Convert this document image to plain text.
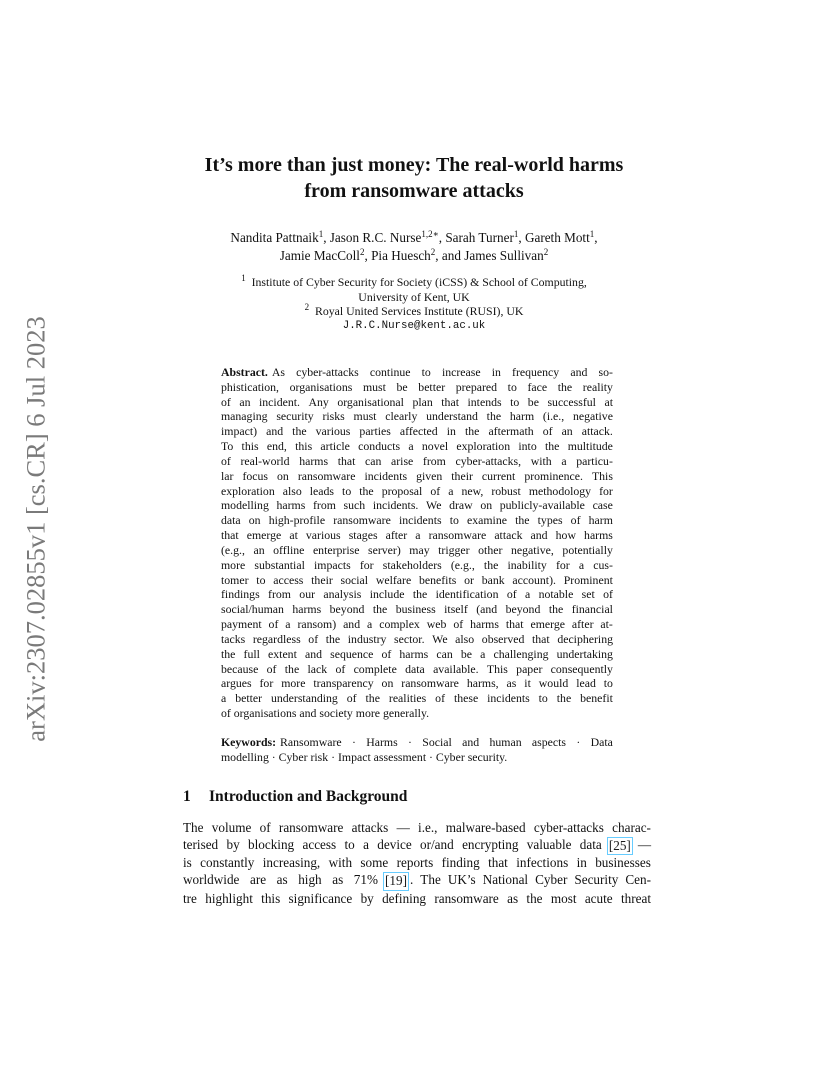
arXiv:2307.02855v1 [cs.CR] 6 Jul 2023
It’s more than just money: The real-world harms
from ransomware attacks
Nandita Pattnaik$^1$, Jason R.C. Nurse$^{1,2∗}$, Sarah Turner$^1$, Gareth Mott$^1$,
Jamie MacColl$^2$, Pia Huesch$^2$, and James Sullivan$^2$
$^1$ Institute of Cyber Security for Society (iCSS) & School of Computing,
University of Kent, UK
$^2$ Royal United Services Institute (RUSI), UK
J.R.C.Nurse@kent.ac.uk
Abstract. As cyber-attacks continue to increase in frequency and so-
phistication, organisations must be better prepared to face the reality
of an incident. Any organisational plan that intends to be successful at
managing security risks must clearly understand the harm (i.e., negative
impact) and the various parties affected in the aftermath of an attack.
To this end, this article conducts a novel exploration into the multitude
of real-world harms that can arise from cyber-attacks, with a particu-
lar focus on ransomware incidents given their current prominence. This
exploration also leads to the proposal of a new, robust methodology for
modelling harms from such incidents. We draw on publicly-available case
data on high-profile ransomware incidents to examine the types of harm
that emerge at various stages after a ransomware attack and how harms
(e.g., an offline enterprise server) may trigger other negative, potentially
more substantial impacts for stakeholders (e.g., the inability for a cus-
tomer to access their social welfare benefits or bank account). Prominent
findings from our analysis include the identification of a notable set of
social/human harms beyond the business itself (and beyond the financial
payment of a ransom) and a complex web of harms that emerge after at-
tacks regardless of the industry sector. We also observed that deciphering
the full extent and sequence of harms can be a challenging undertaking
because of the lack of complete data available. This paper consequently
argues for more transparency on ransomware harms, as it would lead to
a better understanding of the realities of these incidents to the benefit
of organisations and society more generally.
Keywords: Ransomware · Harms · Social and human aspects · Data
modelling · Cyber risk · Impact assessment · Cyber security.
1 Introduction and Background
The volume of ransomware attacks — i.e., malware-based cyber-attacks charac-
terised by blocking access to a device or/and encrypting valuable data [25] —
is constantly increasing, with some reports finding that infections in businesses
worldwide are as high as 71% [19] . The UK’s National Cyber Security Cen-
tre highlight this significance by defining ransomware as the most acute threat
